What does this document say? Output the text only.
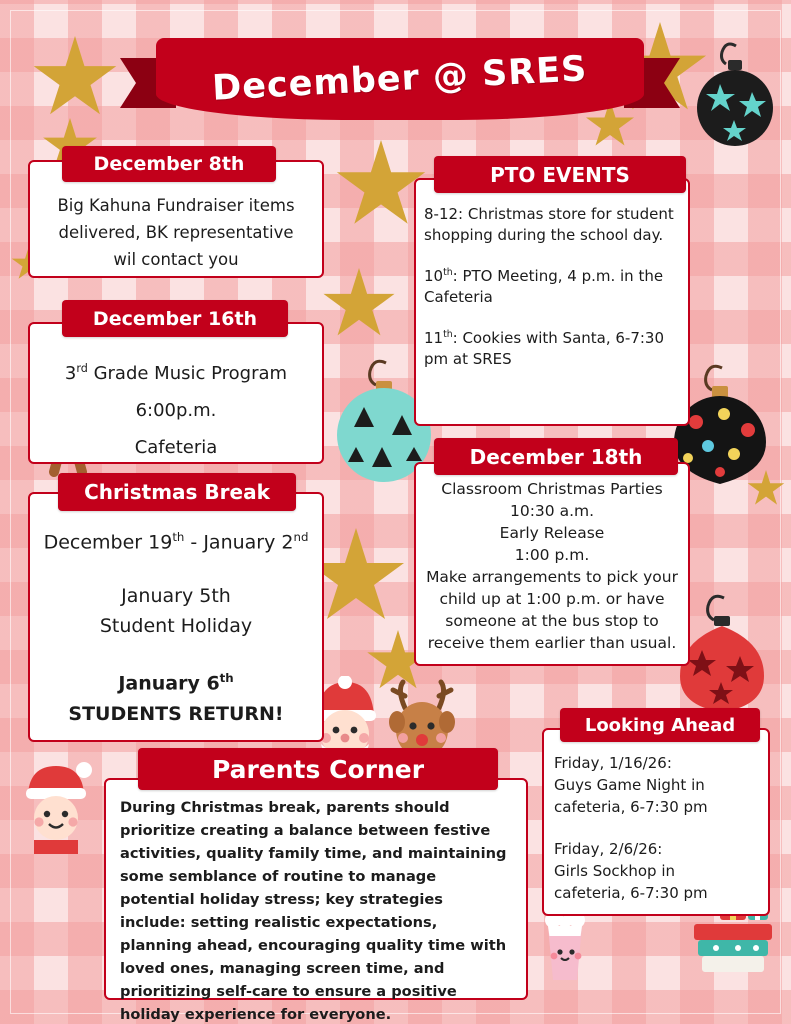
December @ SRES
December 8th
Big Kahuna Fundraiser items
delivered, BK representative
wil contact you
December 16th
3rd Grade Music Program
6:00p.m.
Cafeteria
Christmas Break
December 19th - January 2nd
January 5th
Student Holiday
January 6th
STUDENTS RETURN!
PTO EVENTS
8-12: Christmas store for student shopping during the school day.
10th: PTO Meeting, 4 p.m. in the Cafeteria
11th: Cookies with Santa, 6-7:30 pm at SRES
December 18th
Classroom Christmas Parties
10:30 a.m.
Early Release
1:00 p.m.
Make arrangements to pick your
child up at 1:00 p.m. or have
someone at the bus stop to
receive them earlier than usual.
Looking Ahead
Friday, 1/16/26:
Guys Game Night in
cafeteria, 6-7:30 pm
Friday, 2/6/26:
Girls Sockhop in
cafeteria, 6-7:30 pm
Parents Corner
During Christmas break, parents should prioritize creating a balance between festive activities, quality family time, and maintaining some semblance of routine to manage potential holiday stress; key strategies include: setting realistic expectations, planning ahead, encouraging quality time with loved ones, managing screen time, and prioritizing self-care to ensure a positive holiday experience for everyone.
